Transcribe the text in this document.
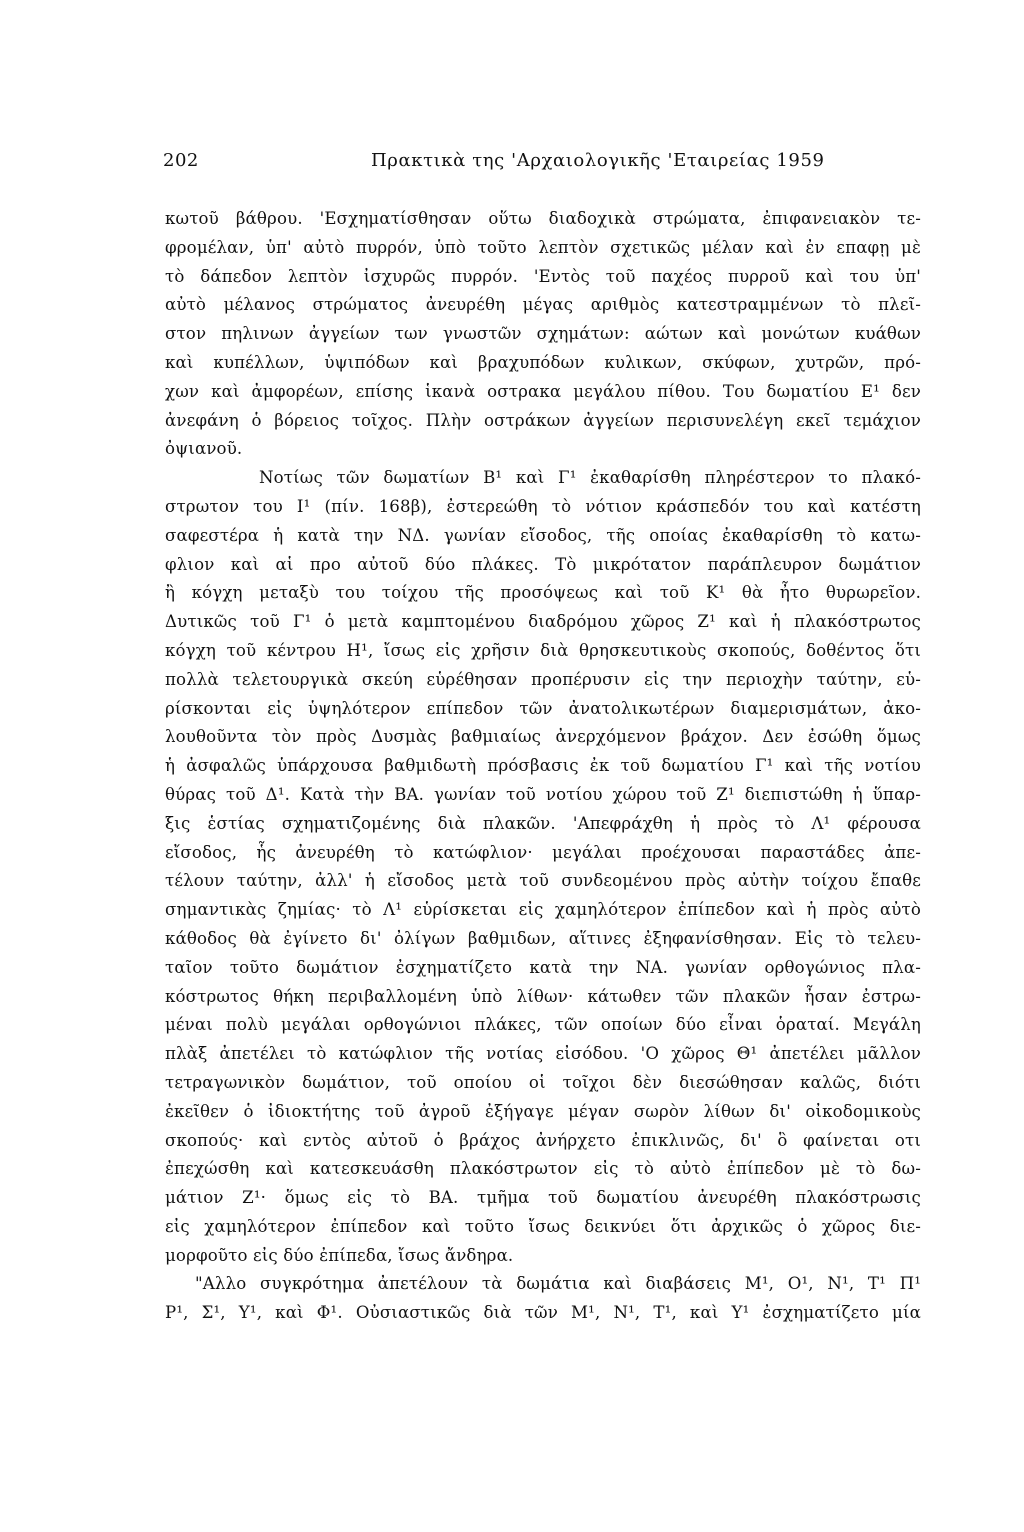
202	Πρακτικὰ της 'Αρχαιολογικῆς 'Εταιρείας 1959
κωτοῦ βάθρου. 'Εσχηματίσθησαν οὕτω διαδοχικὰ στρώματα, ἐπιφανειακὸν τε-
φρομέλαν, ὑπ' αὐτὸ πυρρόν, ὑπὸ τοῦτο λεπτὸν σχετικῶς μέλαν καὶ ἐν επαφῃ μὲ
τὸ δάπεδον λεπτὸν ἰσχυρῶς πυρρόν. 'Εντὸς τοῦ παχέος πυρροῦ καὶ του ὑπ'
αὐτὸ μέλανος στρώματος ἀνευρέθη μέγας αριθμὸς κατεστραμμένων τὸ πλεῖ-
στον πηλινων ἀγγείων των γνωστῶν σχημάτων: αώτων καὶ μονώτων κυάθων
καὶ κυπέλλων, ὑψιπόδων καὶ βραχυπόδων κυλικων, σκύφων, χυτρῶν, πρό-
χων καὶ ἀμφορέων, επίσης ἱκανὰ οστρακα μεγάλου πίθου. Του δωματίου Ε¹ δεν
ἀνεφάνη ὁ βόρειος τοῖχος. Πλὴν οστράκων ἀγγείων περισυνελέγη εκεῖ τεμάχιον
ὀψιανοῦ.
Νοτίως τῶν δωματίων Β¹ καὶ Γ¹ ἐκαθαρίσθη πληρέστερον το πλακό-
στρωτον του Ι¹ (πίν. 168β), ἐστερεώθη τὸ νότιον κράσπεδόν του καὶ κατέστη
σαφεστέρα ἡ κατὰ την ΝΔ. γωνίαν εἴσοδος, τῆς οποίας ἐκαθαρίσθη τὸ κατω-
φλιον καὶ αἱ προ αὐτοῦ δύο πλάκες. Τὸ μικρότατον παράπλευρον δωμάτιον
ἢ κόγχη μεταξὺ του τοίχου τῆς προσόψεως καὶ τοῦ Κ¹ θὰ ἦτο θυρωρεῖον.
Δυτικῶς τοῦ Γ¹ ὁ μετὰ καμπτομένου διαδρόμου χῶρος Ζ¹ καὶ ἡ πλακόστρωτος
κόγχη τοῦ κέντρου Η¹, ἴσως εἰς χρῆσιν διὰ θρησκευτικοὺς σκοπούς, δοθέντος ὅτι
πολλὰ τελετουργικὰ σκεύη εὑρέθησαν προπέρυσιν εἰς την περιοχὴν ταύτην, εὑ-
ρίσκονται εἰς ὑψηλότερον επίπεδον τῶν ἀνατολικωτέρων διαμερισμάτων, ἀκο-
λουθοῦντα τὸν πρὸς Δυσμὰς βαθμιαίως ἀνερχόμενον βράχον. Δεν ἐσώθη ὅμως
ἡ ἀσφαλῶς ὑπάρχουσα βαθμιδωτὴ πρόσβασις ἐκ τοῦ δωματίου Γ¹ καὶ τῆς νοτίου
θύρας τοῦ Δ¹. Κατὰ τὴν ΒΑ. γωνίαν τοῦ νοτίου χώρου τοῦ Ζ¹ διεπιστώθη ἡ ὕπαρ-
ξις ἑστίας σχηματιζομένης διὰ πλακῶν. 'Απεφράχθη ἡ πρὸς τὸ Λ¹ φέρουσα
εἴσοδος, ἧς ἀνευρέθη τὸ κατώφλιον· μεγάλαι προέχουσαι παραστάδες ἀπε-
τέλουν ταύτην, ἀλλ' ἡ εἴσοδος μετὰ τοῦ συνδεομένου πρὸς αὐτὴν τοίχου ἔπαθε
σημαντικὰς ζημίας· τὸ Λ¹ εὑρίσκεται εἰς χαμηλότερον ἐπίπεδον καὶ ἡ πρὸς αὐτὸ
κάθοδος θὰ ἐγίνετο δι' ὀλίγων βαθμιδων, αἵτινες ἐξηφανίσθησαν. Εἰς τὸ τελευ-
ταῖον τοῦτο δωμάτιον ἐσχηματίζετο κατὰ την ΝΑ. γωνίαν ορθογώνιος πλα-
κόστρωτος θήκη περιβαλλομένη ὑπὸ λίθων· κάτωθεν τῶν πλακῶν ἦσαν ἐστρω-
μέναι πολὺ μεγάλαι ορθογώνιοι πλάκες, τῶν οποίων δύο εἶναι ὁραταί. Μεγάλη
πλὰξ ἀπετέλει τὸ κατώφλιον τῆς νοτίας εἰσόδου. 'Ο χῶρος Θ¹ ἀπετέλει μᾶλλον
τετραγωνικὸν δωμάτιον, τοῦ οποίου οἱ τοῖχοι δὲν διεσώθησαν καλῶς, διότι
ἐκεῖθεν ὁ ἰδιοκτήτης τοῦ ἀγροῦ ἐξήγαγε μέγαν σωρὸν λίθων δι' οἰκοδομικοὺς
σκοπούς· καὶ εντὸς αὐτοῦ ὁ βράχος ἀνήρχετο ἐπικλινῶς, δι' ὃ φαίνεται οτι
ἐπεχώσθη καὶ κατεσκευάσθη πλακόστρωτον εἰς τὸ αὐτὸ ἐπίπεδον μὲ τὸ δω-
μάτιον Ζ¹· ὅμως εἰς τὸ ΒΑ. τμῆμα τοῦ δωματίου ἀνευρέθη πλακόστρωσις
εἰς χαμηλότερον ἐπίπεδον καὶ τοῦτο ἴσως δεικνύει ὅτι ἀρχικῶς ὁ χῶρος διε-
μορφοῦτο εἰς δύο ἐπίπεδα, ἴσως ἄνδηρα.
"Αλλο συγκρότημα ἀπετέλουν τὰ δωμάτια καὶ διαβάσεις Μ¹, Ο¹, Ν¹, Τ¹ Π¹
Ρ¹, Σ¹, Υ¹, καὶ Φ¹. Οὐσιαστικῶς διὰ τῶν Μ¹, Ν¹, Τ¹, καὶ Υ¹ ἐσχηματίζετο μία
